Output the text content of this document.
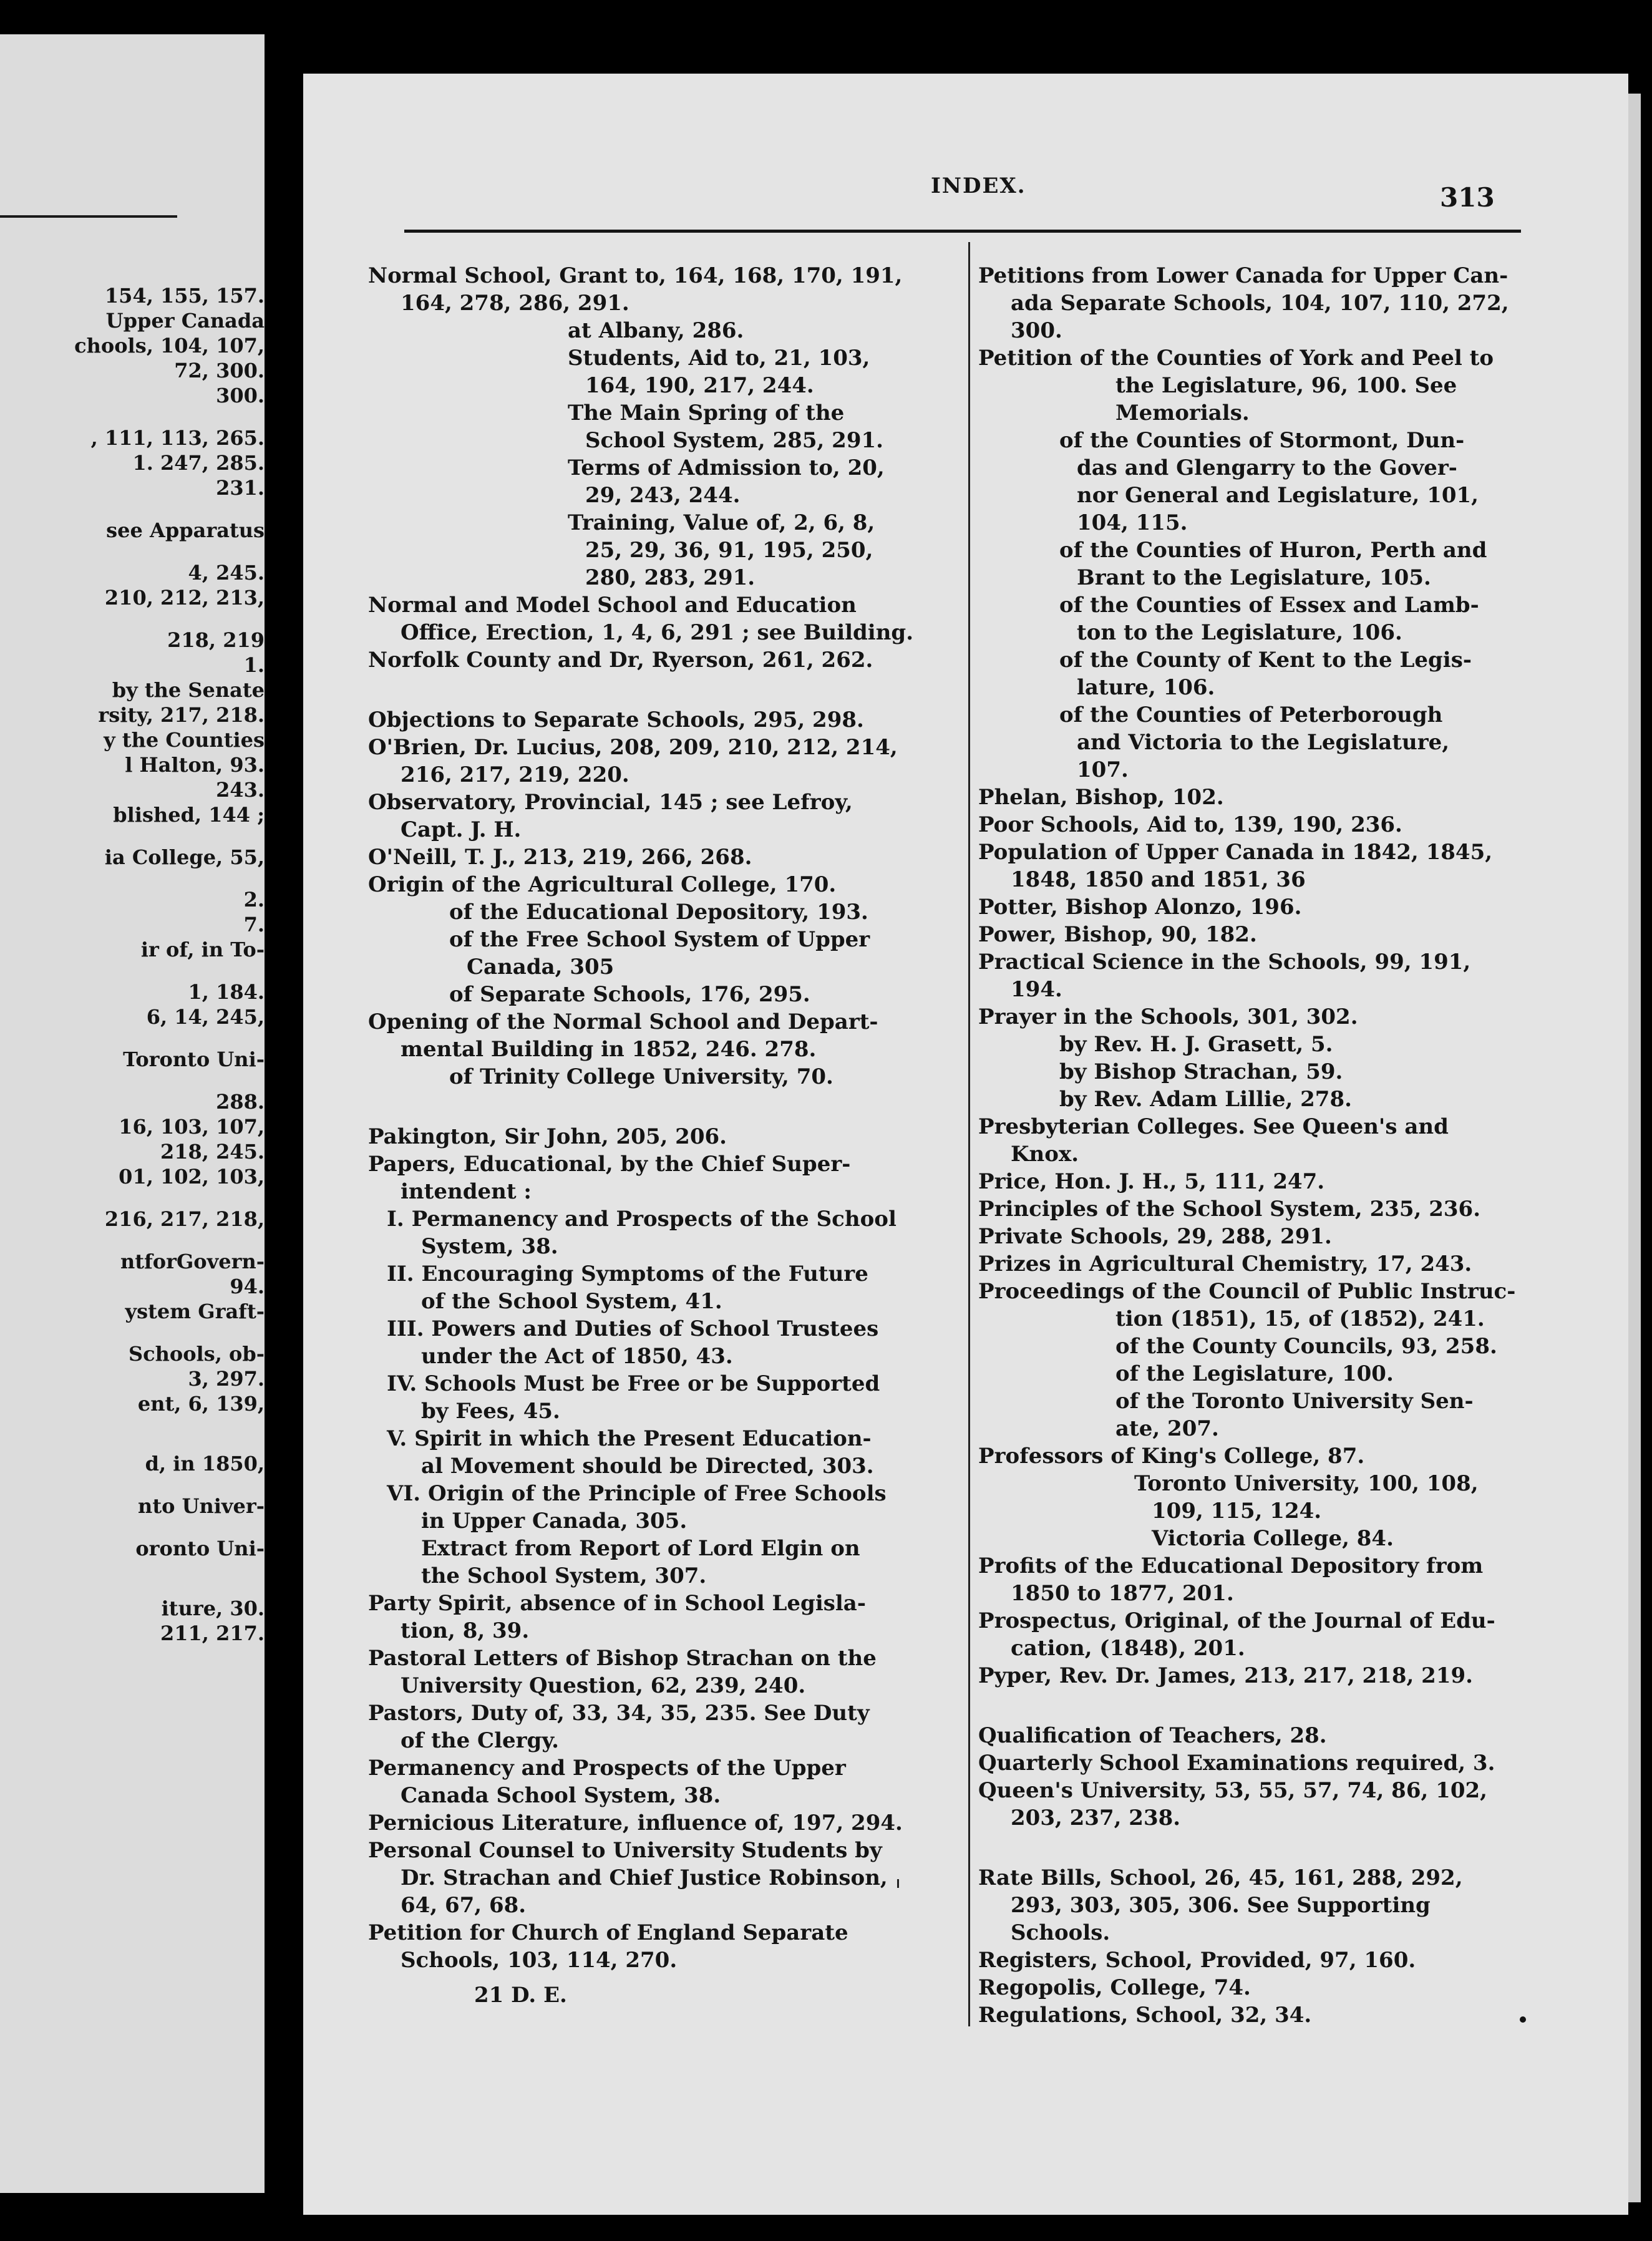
154, 155, 157.
Upper Canada
chools, 104, 107,
72, 300.
300.
, 111, 113, 265.
1. 247, 285.
231.
see Apparatus
4, 245.
210, 212, 213,
218, 219
1.
by the Senate
rsity, 217, 218.
y the Counties
l Halton, 93.
243.
blished, 144 ;
ia College, 55,
2.
7.
ir of, in To-
1, 184.
6, 14, 245,
Toronto Uni-
288.
16, 103, 107,
218, 245.
01, 102, 103,
216, 217, 218,
ntforGovern-
94.
ystem Graft-
Schools, ob-
3, 297.
ent, 6, 139,
d, in 1850,
nto Univer-
oronto Uni-
iture, 30.
211, 217.
INDEX.	313
Normal School, Grant to, 164, 168, 170, 191,
164, 278, 286, 291.
at Albany, 286.
Students, Aid to, 21, 103,
164, 190, 217, 244.
The Main Spring of the
School System, 285, 291.
Terms of Admission to, 20,
29, 243, 244.
Training, Value of, 2, 6, 8,
25, 29, 36, 91, 195, 250,
280, 283, 291.
Normal and Model School and Education
Office, Erection, 1, 4, 6, 291 ; see Building.
Norfolk County and Dr, Ryerson, 261, 262.
Objections to Separate Schools, 295, 298.
O'Brien, Dr. Lucius, 208, 209, 210, 212, 214,
216, 217, 219, 220.
Observatory, Provincial, 145 ; see Lefroy,
Capt. J. H.
O'Neill, T. J., 213, 219, 266, 268.
Origin of the Agricultural College, 170.
of the Educational Depository, 193.
of the Free School System of Upper
Canada, 305
of Separate Schools, 176, 295.
Opening of the Normal School and Depart-
mental Building in 1852, 246. 278.
of Trinity College University, 70.
Pakington, Sir John, 205, 206.
Papers, Educational, by the Chief Super-
intendent :
I. Permanency and Prospects of the School
System, 38.
II. Encouraging Symptoms of the Future
of the School System, 41.
III. Powers and Duties of School Trustees
under the Act of 1850, 43.
IV. Schools Must be Free or be Supported
by Fees, 45.
V. Spirit in which the Present Education-
al Movement should be Directed, 303.
VI. Origin of the Principle of Free Schools
in Upper Canada, 305.
Extract from Report of Lord Elgin on
the School System, 307.
Party Spirit, absence of in School Legisla-
tion, 8, 39.
Pastoral Letters of Bishop Strachan on the
University Question, 62, 239, 240.
Pastors, Duty of, 33, 34, 35, 235. See Duty
of the Clergy.
Permanency and Prospects of the Upper
Canada School System, 38.
Pernicious Literature, influence of, 197, 294.
Personal Counsel to University Students by
Dr. Strachan and Chief Justice Robinson,
64, 67, 68.
Petition for Church of England Separate
Schools, 103, 114, 270.
21 D. E.
Petitions from Lower Canada for Upper Can-
ada Separate Schools, 104, 107, 110, 272,
300.
Petition of the Counties of York and Peel to
the Legislature, 96, 100. See
Memorials.
of the Counties of Stormont, Dun-
das and Glengarry to the Gover-
nor General and Legislature, 101,
104, 115.
of the Counties of Huron, Perth and
Brant to the Legislature, 105.
of the Counties of Essex and Lamb-
ton to the Legislature, 106.
of the County of Kent to the Legis-
lature, 106.
of the Counties of Peterborough
and Victoria to the Legislature,
107.
Phelan, Bishop, 102.
Poor Schools, Aid to, 139, 190, 236.
Population of Upper Canada in 1842, 1845,
1848, 1850 and 1851, 36
Potter, Bishop Alonzo, 196.
Power, Bishop, 90, 182.
Practical Science in the Schools, 99, 191,
194.
Prayer in the Schools, 301, 302.
by Rev. H. J. Grasett, 5.
by Bishop Strachan, 59.
by Rev. Adam Lillie, 278.
Presbyterian Colleges. See Queen's and
Knox.
Price, Hon. J. H., 5, 111, 247.
Principles of the School System, 235, 236.
Private Schools, 29, 288, 291.
Prizes in Agricultural Chemistry, 17, 243.
Proceedings of the Council of Public Instruc-
tion (1851), 15, of (1852), 241.
of the County Councils, 93, 258.
of the Legislature, 100.
of the Toronto University Sen-
ate, 207.
Professors of King's College, 87.
Toronto University, 100, 108,
109, 115, 124.
Victoria College, 84.
Profits of the Educational Depository from
1850 to 1877, 201.
Prospectus, Original, of the Journal of Edu-
cation, (1848), 201.
Pyper, Rev. Dr. James, 213, 217, 218, 219.
Qualification of Teachers, 28.
Quarterly School Examinations required, 3.
Queen's University, 53, 55, 57, 74, 86, 102,
203, 237, 238.
Rate Bills, School, 26, 45, 161, 288, 292,
293, 303, 305, 306. See Supporting
Schools.
Registers, School, Provided, 97, 160.
Regopolis, College, 74.
Regulations, School, 32, 34.
